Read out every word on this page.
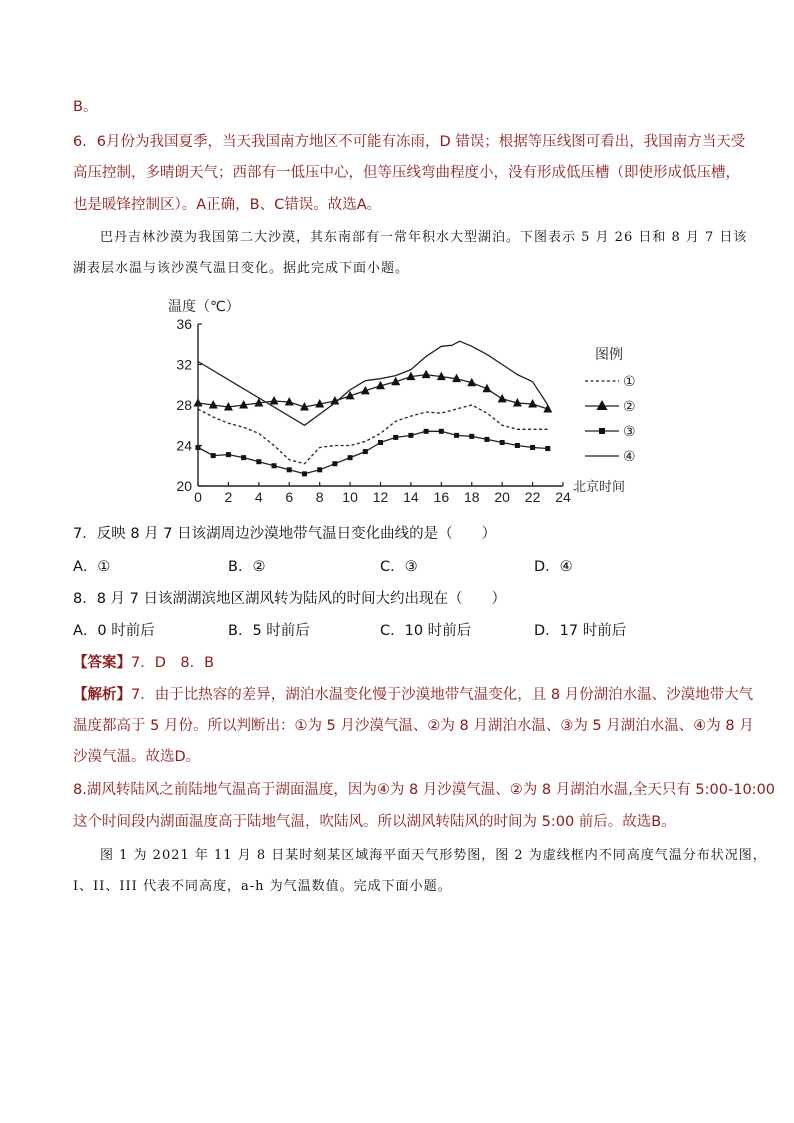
B。
6．6月份为我国夏季，当天我国南方地区不可能有冻雨，D 错误；根据等压线图可看出，我国南方当天受
高压控制，多晴朗天气；西部有一低压中心，但等压线弯曲程度小，没有形成低压槽（即使形成低压槽，
也是暖锋控制区）。A正确，B、C错误。故选A。
巴丹吉林沙漠为我国第二大沙漠，其东南部有一常年积水大型湖泊。下图表示 5 月 26 日和 8 月 7 日该
湖表层水温与该沙漠气温日变化。据此完成下面小题。
20
24
28
32
36
0 2 4 6 8 10 12 14 16 18 20 22 24
温度（℃）
北京时间
图例
①
②
③
④
7．反映 8 月 7 日该湖周边沙漠地带气温日变化曲线的是（　　）
A．①	B．②	C．③	D．④
8．8 月 7 日该湖湖滨地区湖风转为陆风的时间大约出现在（　　）
A．0 时前后	B．5 时前后	C．10 时前后	D．17 时前后
【答案】7．D　8．B
【解析】7．由于比热容的差异，湖泊水温变化慢于沙漠地带气温变化，且 8 月份湖泊水温、沙漠地带大气
温度都高于 5 月份。所以判断出：①为 5 月沙漠气温、②为 8 月湖泊水温、③为 5 月湖泊水温、④为 8 月
沙漠气温。故选D。
8.湖风转陆风之前陆地气温高于湖面温度，因为④为 8 月沙漠气温、②为 8 月湖泊水温,全天只有 5:00-10:00
这个时间段内湖面温度高于陆地气温，吹陆风。所以湖风转陆风的时间为 5:00 前后。故选B。
图 1 为 2021 年 11 月 8 日某时刻某区域海平面天气形势图，图 2 为虚线框内不同高度气温分布状况图，
I、II、III 代表不同高度，a-h 为气温数值。完成下面小题。
